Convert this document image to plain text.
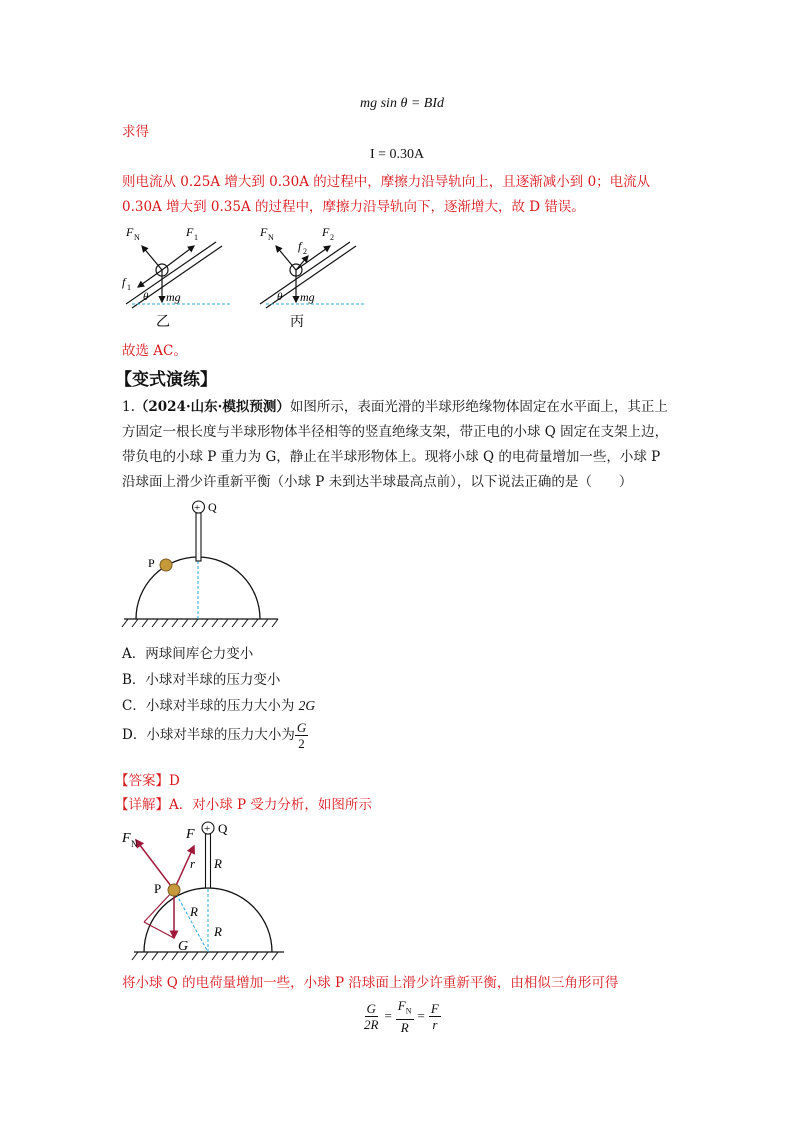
mg sin θ = BId
求得
I = 0.30A
则电流从 0.25A 增大到 0.30A 的过程中，摩擦力沿导轨向上，且逐渐减小到 0；电流从
0.30A 增大到 0.35A 的过程中，摩擦力沿导轨向下，逐渐增大，故 D 错误。
F N	F 1
f 1
θ mg
乙
F N	F 2
f 2
θ mg
丙
故选 AC。
【变式演练】
1.（2024·山东·模拟预测）如图所示，表面光滑的半球形绝缘物体固定在水平面上，其正上
方固定一根长度与半球形物体半径相等的竖直绝缘支架，带正电的小球 Q 固定在支架上边，
带负电的小球 P 重力为 G，静止在半球形物体上。现将小球 Q 的电荷量增加一些，小球 P
沿球面上滑少许重新平衡（小球 P 未到达半球最高点前），以下说法正确的是（　　）
+ Q
P
A．两球间库仑力变小
B．小球对半球的压力变小
C．小球对半球的压力大小为 2G
D．小球对半球的压力大小为 $\frac{G}{2}$
【答案】D
【详解】A．对小球 P 受力分析，如图所示
+ Q
F N
F
r R
R
R
P
G
将小球 Q 的电荷量增加一些，小球 P 沿球面上滑少许重新平衡，由相似三角形可得
$\frac{G}{2R} = \frac{F_N}{R} = \frac{F}{r}$
